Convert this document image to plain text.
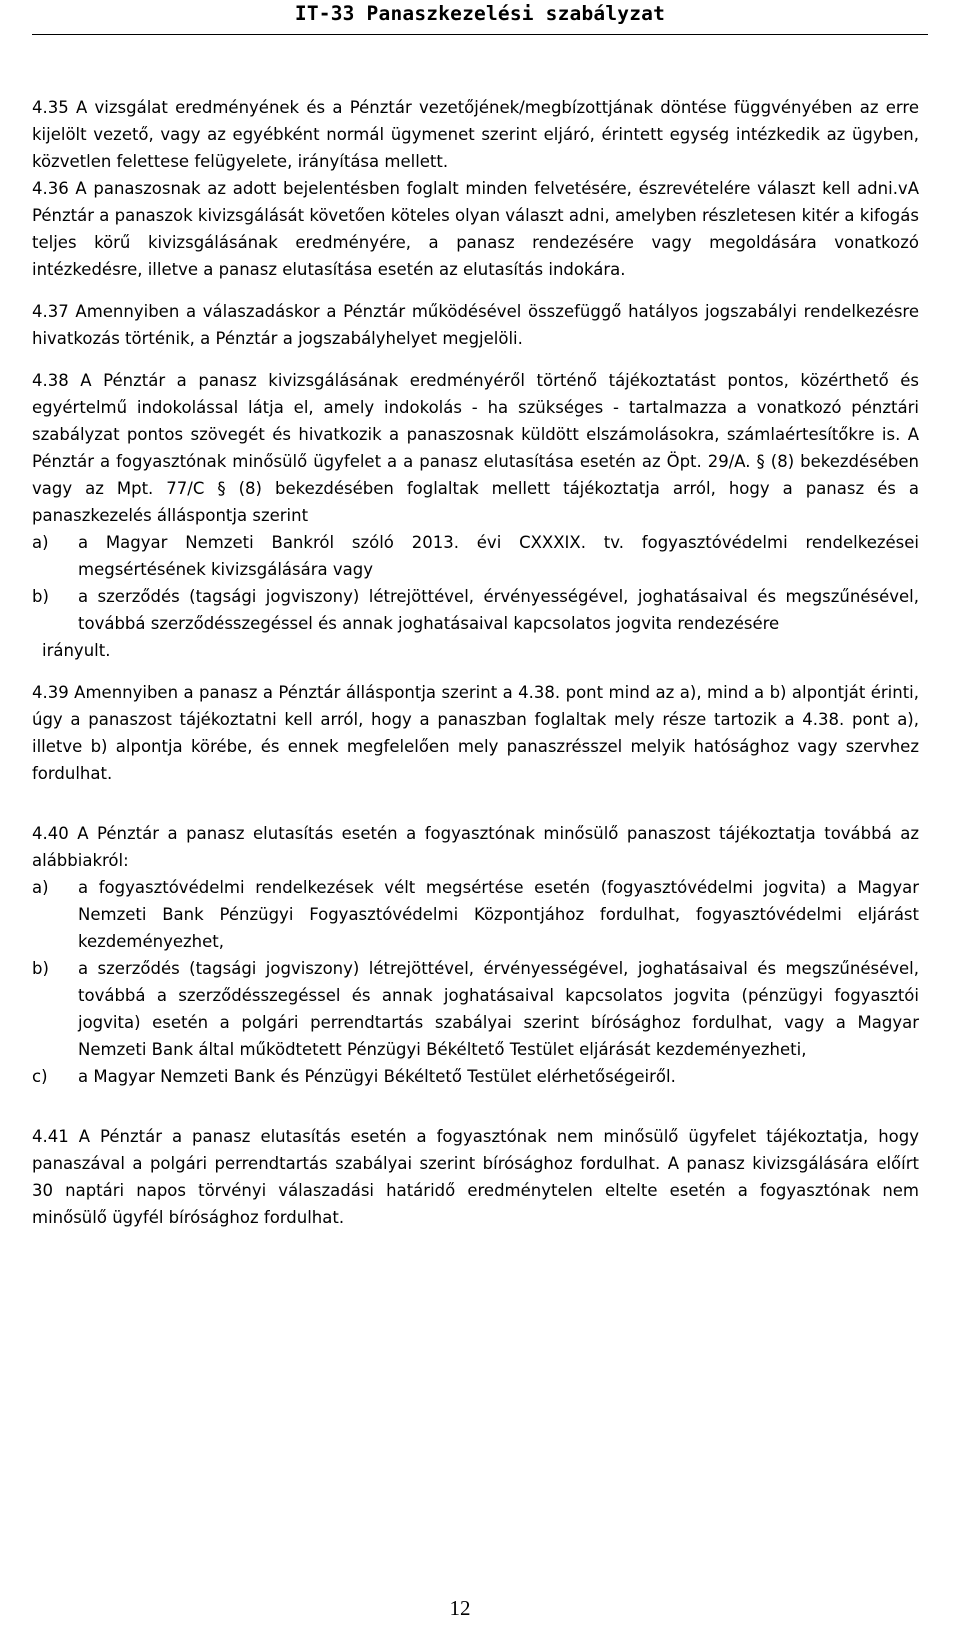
IT-33 Panaszkezelési szabályzat

4.35 A vizsgálat eredményének és a Pénztár vezetőjének/megbízottjának döntése függvényében az erre kijelölt vezető, vagy az egyébként normál ügymenet szerint eljáró, érintett egység intézkedik az ügyben, közvetlen felettese felügyelete, irányítása mellett.

4.36 A panaszosnak az adott bejelentésben foglalt minden felvetésére, észrevételére választ kell adni.vA Pénztár a panaszok kivizsgálását követően köteles olyan választ adni, amelyben részletesen kitér a kifogás teljes körű kivizsgálásának eredményére, a panasz rendezésére vagy megoldására vonatkozó intézkedésre, illetve a panasz elutasítása esetén az elutasítás indokára.

4.37 Amennyiben a válaszadáskor a Pénztár működésével összefüggő hatályos jogszabályi rendelkezésre hivatkozás történik, a Pénztár a jogszabályhelyet megjelöli.

4.38 A Pénztár a panasz kivizsgálásának eredményéről történő tájékoztatást pontos, közérthető és egyértelmű indokolással látja el, amely indokolás - ha szükséges - tartalmazza a vonatkozó pénztári szabályzat pontos szövegét és hivatkozik a panaszosnak küldött elszámolásokra, számlaértesítőkre is. A Pénztár a fogyasztónak minősülő ügyfelet a a panasz elutasítása esetén az Öpt. 29/A. § (8) bekezdésében vagy az Mpt. 77/C § (8) bekezdésében foglaltak mellett tájékoztatja arról, hogy a panasz és a panaszkezelés álláspontja szerint

a)	a Magyar Nemzeti Bankról szóló 2013. évi CXXXIX. tv. fogyasztóvédelmi rendelkezései megsértésének kivizsgálására vagy
b)	a szerződés (tagsági jogviszony) létrejöttével, érvényességével, joghatásaival és megszűnésével, továbbá szerződésszegéssel és annak joghatásaival kapcsolatos jogvita rendezésére

irányult.

4.39 Amennyiben a panasz a Pénztár álláspontja szerint a 4.38. pont mind az a), mind a b) alpontját érinti, úgy a panaszost tájékoztatni kell arról, hogy a panaszban foglaltak mely része tartozik a 4.38. pont a), illetve b) alpontja körébe, és ennek megfelelően mely panaszrésszel melyik hatósághoz vagy szervhez fordulhat.

4.40 A Pénztár a panasz elutasítás esetén a fogyasztónak minősülő panaszost tájékoztatja továbbá az alábbiakról:

a)	a fogyasztóvédelmi rendelkezések vélt megsértése esetén (fogyasztóvédelmi jogvita) a Magyar Nemzeti Bank Pénzügyi Fogyasztóvédelmi Központjához fordulhat, fogyasztóvédelmi eljárást kezdeményezhet,
b)	a szerződés (tagsági jogviszony) létrejöttével, érvényességével, joghatásaival és megszűnésével, továbbá a szerződésszegéssel és annak joghatásaival kapcsolatos jogvita (pénzügyi fogyasztói jogvita) esetén a polgári perrendtartás szabályai szerint bírósághoz fordulhat, vagy a Magyar Nemzeti Bank által működtetett Pénzügyi Békéltető Testület eljárását kezdeményezheti,
c)	a Magyar Nemzeti Bank és Pénzügyi Békéltető Testület elérhetőségeiről.

4.41 A Pénztár a panasz elutasítás esetén a fogyasztónak nem minősülő ügyfelet tájékoztatja, hogy panaszával a polgári perrendtartás szabályai szerint bírósághoz fordulhat. A panasz kivizsgálására előírt 30 naptári napos törvényi válaszadási határidő eredménytelen eltelte esetén a fogyasztónak nem minősülő ügyfél bírósághoz fordulhat.

12
